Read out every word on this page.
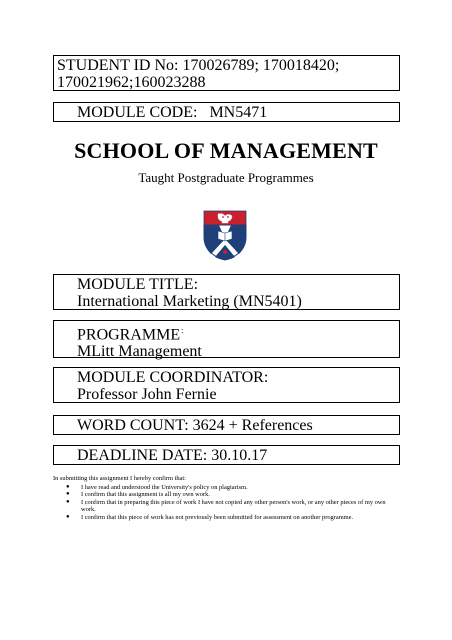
STUDENT ID No: 170026789; 170018420;
170021962;160023288
MODULE CODE:   MN5471
SCHOOL OF MANAGEMENT
Taught Postgraduate Programmes
MODULE TITLE:
International Marketing (MN5401)
PROGRAMME:
MLitt Management
MODULE COORDINATOR:
Professor John Fernie
WORD COUNT: 3624 + References
DEADLINE DATE: 30.10.17
In submitting this assignment I hereby confirm that:
● I have read and understood the University's policy on plagiarism.
● I confirm that this assignment is all my own work.
● I confirm that in preparing this piece of work I have not copied any other person's work, or any other pieces of my own work.
● I confirm that this piece of work has not previously been submitted for assessment on another programme.
